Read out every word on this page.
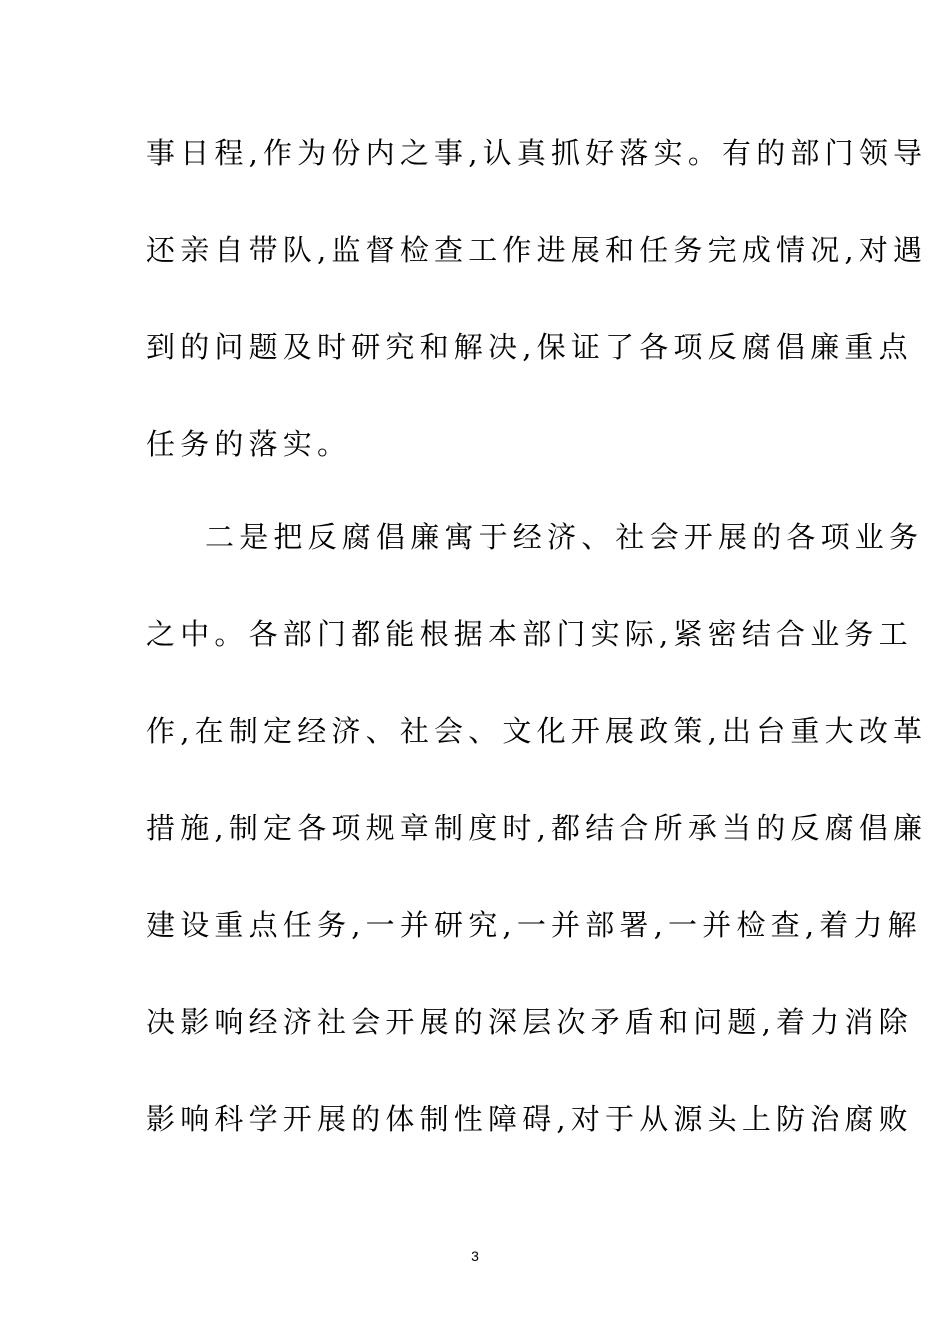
事日程,作为份内之事,认真抓好落实。有的部门领导
还亲自带队,监督检查工作进展和任务完成情况,对遇
到的问题及时研究和解决,保证了各项反腐倡廉重点
任务的落实。
二是把反腐倡廉寓于经济、社会开展的各项业务
之中。各部门都能根据本部门实际,紧密结合业务工
作,在制定经济、社会、文化开展政策,出台重大改革
措施,制定各项规章制度时,都结合所承当的反腐倡廉
建设重点任务,一并研究,一并部署,一并检查,着力解
决影响经济社会开展的深层次矛盾和问题,着力消除
影响科学开展的体制性障碍,对于从源头上防治腐败
3
